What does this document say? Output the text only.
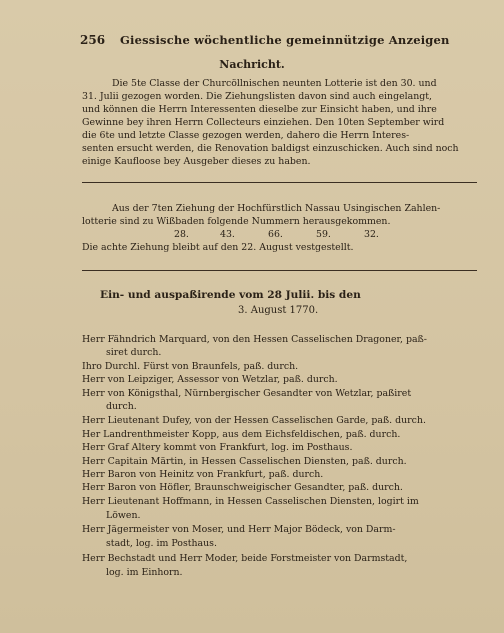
256 Giessische wöchentliche gemeinnützige Anzeigen
Nachricht.
Die 5te Classe der Churcöllnischen neunten Lotterie ist den 30. und
31. Julii gezogen worden. Die Ziehungslisten davon sind auch eingelangt,
und können die Herrn Interessenten dieselbe zur Einsicht haben, und ihre
Gewinne bey ihren Herrn Collecteurs einziehen. Den 10ten September wird
die 6te und letzte Classe gezogen werden, dahero die Herrn Interes-
senten ersucht werden, die Renovation baldigst einzuschicken. Auch sind noch
einige Kaufloose bey Ausgeber dieses zu haben.
Aus der 7ten Ziehung der Hochfürstlich Nassau Usingischen Zahlen-
lotterie sind zu Wißbaden folgende Nummern herausgekommen.
28.	43.	66.	59.	32.
Die achte Ziehung bleibt auf den 22. August vestgestellt.
Ein- und auspaßirende vom 28 Julii. bis den
3. August 1770.
Herr Fähndrich Marquard, von den Hessen Casselischen Dragoner, paß-
siret durch.
Ihro Durchl. Fürst von Braunfels, paß. durch.
Herr von Leipziger, Assessor von Wetzlar, paß. durch.
Herr von Königsthal, Nürnbergischer Gesandter von Wetzlar, paßiret
durch.
Herr Lieutenant Dufey, von der Hessen Casselischen Garde, paß. durch.
Her Landrenthmeister Kopp, aus dem Eichsfeldischen, paß. durch.
Herr Graf Altery kommt von Frankfurt, log. im Posthaus.
Herr Capitain Märtin, in Hessen Casselischen Diensten, paß. durch.
Herr Baron von Heinitz von Frankfurt, paß. durch.
Herr Baron von Höfler, Braunschweigischer Gesandter, paß. durch.
Herr Lieutenant Hoffmann, in Hessen Casselischen Diensten, logirt im
Löwen.
Herr Jägermeister von Moser, und Herr Major Bödeck, von Darm-
stadt, log. im Posthaus.
Herr Bechstadt und Herr Moder, beide Forstmeister von Darmstadt,
log. im Einhorn.
